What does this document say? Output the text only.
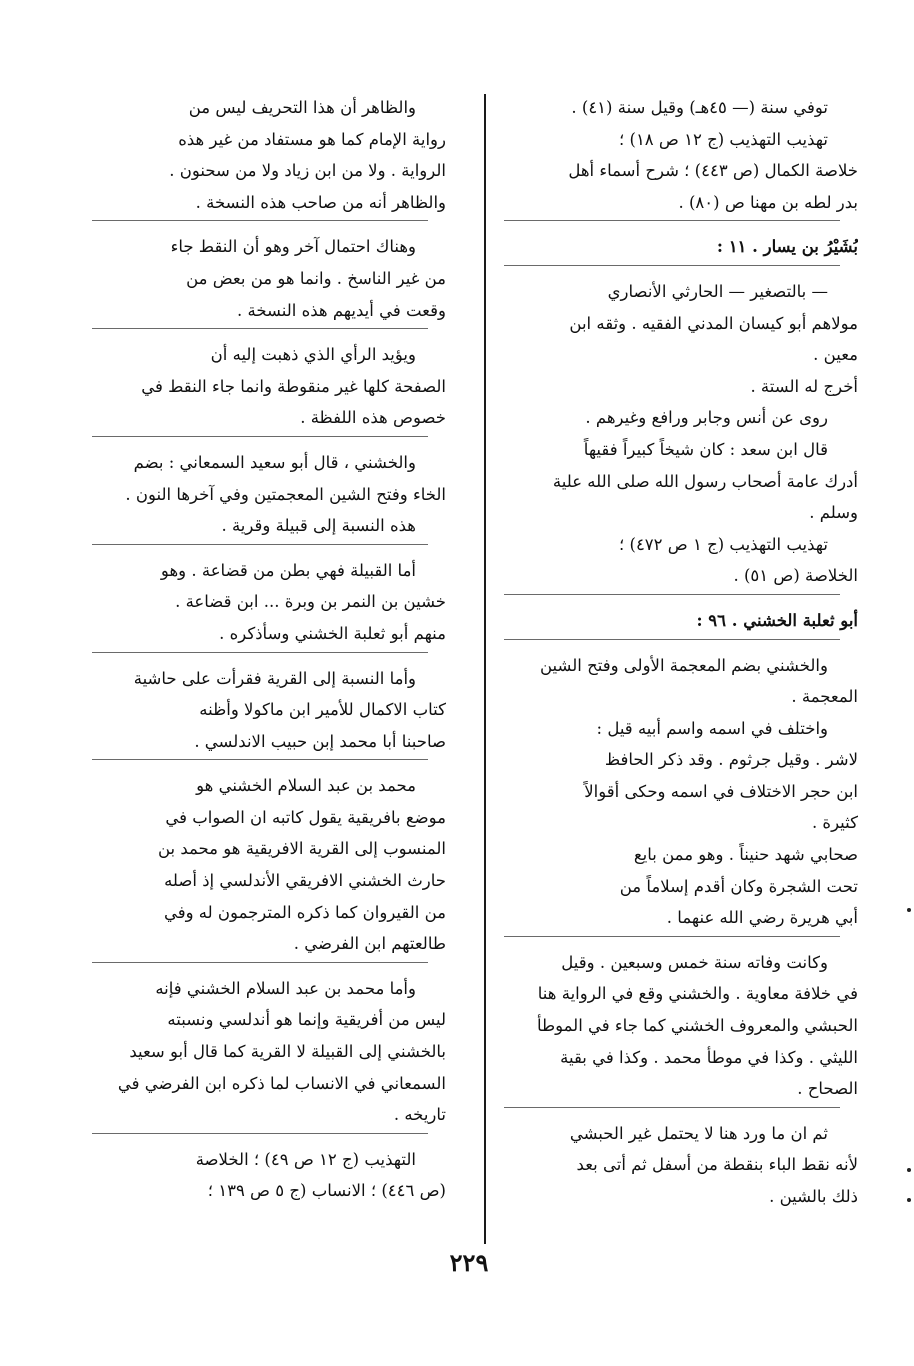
توفي سنة (— ٤٥هـ) وقيل سنة (٤١) .
تهذيب التهذيب (ج ١٢ ص ١٨) ؛
خلاصة الكمال (ص ٤٤٣) ؛ شرح أسماء أهل
بدر لطه بن مهنا ص (٨٠) .
بُشَيْرُ بن يسار . ١١ :
— بالتصغير — الحارثي الأنصاري
مولاهم أبو كيسان المدني الفقيه . وثقه ابن
معين .
أخرج له الستة .
روى عن أنس وجابر ورافع وغيرهم .
قال ابن سعد : كان شيخاً كبيراً فقيهاً
أدرك عامة أصحاب رسول الله صلى الله علية
وسلم .
تهذيب التهذيب (ج ١ ص ٤٧٢) ؛
الخلاصة (ص ٥١) .
أبو ثعلبة الخشني . ٩٦ :
والخشني بضم المعجمة الأولى وفتح الشين
المعجمة .
واختلف في اسمه واسم أبيه قيل :
لاشر . وقيل جرثوم . وقد ذكر الحافظ
ابن حجر الاختلاف في اسمه وحكى أقوالاً
كثيرة .
صحابي شهد حنيناً . وهو ممن بايع
تحت الشجرة وكان أقدم إسلاماً من
أبي هريرة رضي الله عنهما .
وكانت وفاته سنة خمس وسبعين . وقيل
في خلافة معاوية . والخشني وقع في الرواية هنا
الحبشي والمعروف الخشني كما جاء في الموطأ
الليثي . وكذا في موطأ محمد . وكذا في بقية
الصحاح .
ثم ان ما ورد هنا لا يحتمل غير الحبشي
لأنه نقط الباء بنقطة من أسفل ثم أتى بعد
ذلك بالشين .
والظاهر أن هذا التحريف ليس من
رواية الإمام كما هو مستفاد من غير هذه
الرواية . ولا من ابن زياد ولا من سحنون .
والظاهر أنه من صاحب هذه النسخة .
وهناك احتمال آخر وهو أن النقط جاء
من غير الناسخ . وانما هو من بعض من
وقعت في أيديهم هذه النسخة .
ويؤيد الرأي الذي ذهبت إليه أن
الصفحة كلها غير منقوطة وانما جاء النقط في
خصوص هذه اللفظة .
والخشني ، قال أبو سعيد السمعاني : بضم
الخاء وفتح الشين المعجمتين وفي آخرها النون .
هذه النسبة إلى قبيلة وقرية .
أما القبيلة فهي بطن من قضاعة . وهو
خشين بن النمر بن وبرة ... ابن قضاعة .
منهم أبو ثعلبة الخشني وسأذكره .
وأما النسبة إلى القرية فقرأت على حاشية
كتاب الاكمال للأمير ابن ماكولا وأظنه
صاحبنا أبا محمد إبن حبيب الاندلسي .
محمد بن عبد السلام الخشني هو
موضع بافريقية يقول كاتبه ان الصواب في
المنسوب إلى القرية الافريقية هو محمد بن
حارث الخشني الافريقي الأندلسي إذ أصله
من القيروان كما ذكره المترجمون له وفي
طالعتهم ابن الفرضي .
وأما محمد بن عبد السلام الخشني فإنه
ليس من أفريقية وإنما هو أندلسي ونسبته
بالخشني إلى القبيلة لا القرية كما قال أبو سعيد
السمعاني في الانساب لما ذكره ابن الفرضي في
تاريخه .
التهذيب (ج ١٢ ص ٤٩) ؛ الخلاصة
(ص ٤٤٦) ؛ الانساب (ج ٥ ص ١٣٩ ؛
٢٢٩
